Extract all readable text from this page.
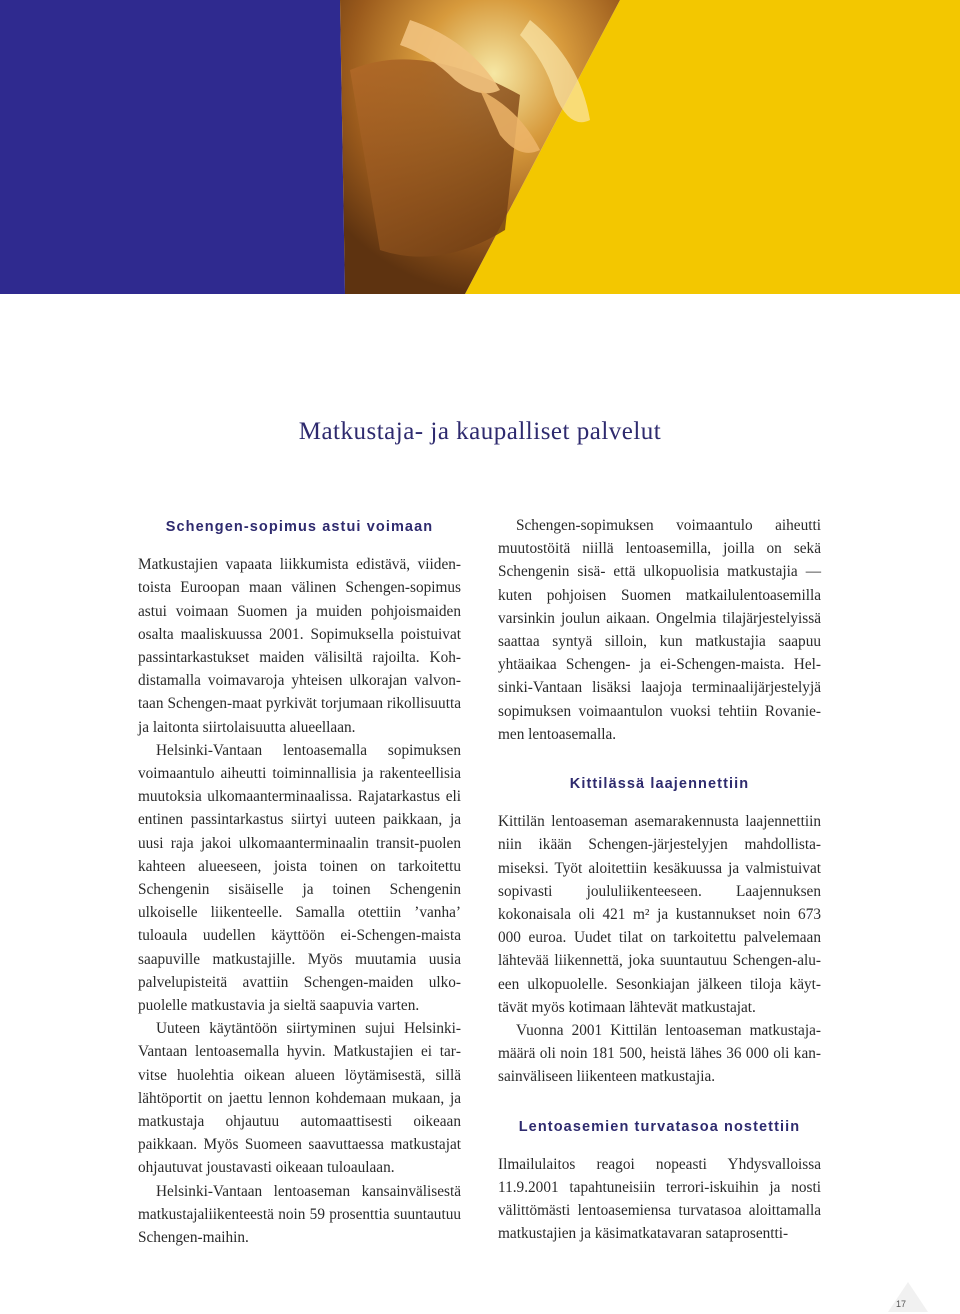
Matkustaja- ja kaupalliset palvelut
Schengen-sopimus astui voimaan

Matkustajien vapaata liikkumista edistävä, viidentoista Euroopan maan välinen Schengen-sopimus astui voimaan Suomen ja muiden pohjoismaiden osalta maaliskuussa 2001. Sopimuksella poistuivat passintarkastukset maiden välisiltä rajoilta. Kohdistamalla voimavaroja yhteisen ulkorajan valvontaan Schengen-maat pyrkivät torjumaan rikollisuutta ja laitonta siirtolaisuutta alueellaan.

Helsinki-Vantaan lentoasemalla sopimuksen voimaantulo aiheutti toiminnallisia ja rakenteellisia muutoksia ulkomaanterminaalissa. Rajatarkastus eli entinen passintarkastus siirtyi uuteen paikkaan, ja uusi raja jakoi ulkomaanterminaalin transit-puolen kahteen alueeseen, joista toinen on tarkoitettu Schengenin sisäiselle ja toinen Schengenin ulkoiselle liikenteelle. Samalla otettiin ’vanha’ tuloaula uudellen käyttöön ei-Schengen-maista saapuville matkustajille. Myös muutamia uusia palvelupisteitä avattiin Schengen-maiden ulkopuolelle matkustavia ja sieltä saapuvia varten.

Uuteen käytäntöön siirtyminen sujui Helsinki-Vantaan lentoasemalla hyvin. Matkustajien ei tarvitse huolehtia oikean alueen löytämisestä, sillä lähtöportit on jaettu lennon kohdemaan mukaan, ja matkustaja ohjautuu automaattisesti oikeaan paikkaan. Myös Suomeen saavuttaessa matkustajat ohjautuvat joustavasti oikeaan tuloaulaan.

Helsinki-Vantaan lentoaseman kansainvälisestä matkustajaliikenteestä noin 59 prosenttia suuntautuu Schengen-maihin.

Schengen-sopimuksen voimaantulo aiheutti muutostöitä niillä lentoasemilla, joilla on sekä Schengenin sisä- että ulkopuolisia matkustajia — kuten pohjoisen Suomen matkailulentoasemilla varsinkin joulun aikaan. Ongelmia tilajärjestelyissä saattaa syntyä silloin, kun matkustajia saapuu yhtäaikaa Schengen- ja ei-Schengen-maista. Helsinki-Vantaan lisäksi laajoja terminaalijärjestelyjä sopimuksen voimaantulon vuoksi tehtiin Rovaniemen lentoasemalla.

Kittilässä laajennettiin

Kittilän lentoaseman asemarakennusta laajennettiin niin ikään Schengen-järjestelyjen mahdollistamiseksi. Työt aloitettiin kesäkuussa ja valmistuivat sopivasti joululiikenteeseen. Laajennuksen kokonaisala oli 421 m² ja kustannukset noin 673 000 euroa. Uudet tilat on tarkoitettu palvelemaan lähtevää liikennettä, joka suuntautuu Schengen-alueen ulkopuolelle. Sesonkiajan jälkeen tiloja käyttävät myös kotimaan lähtevät matkustajat.

Vuonna 2001 Kittilän lentoaseman matkustajamäärä oli noin 181 500, heistä lähes 36 000 oli kansainväliseen liikenteen matkustajia.

Lentoasemien turvatasoa nostettiin

Ilmailulaitos reagoi nopeasti Yhdysvalloissa 11.9.2001 tapahtuneisiin terrori-iskuihin ja nosti välittömästi lentoasemiensa turvatasoa aloittamalla matkustajien ja käsimatkatavaran sataprosentti-

17
